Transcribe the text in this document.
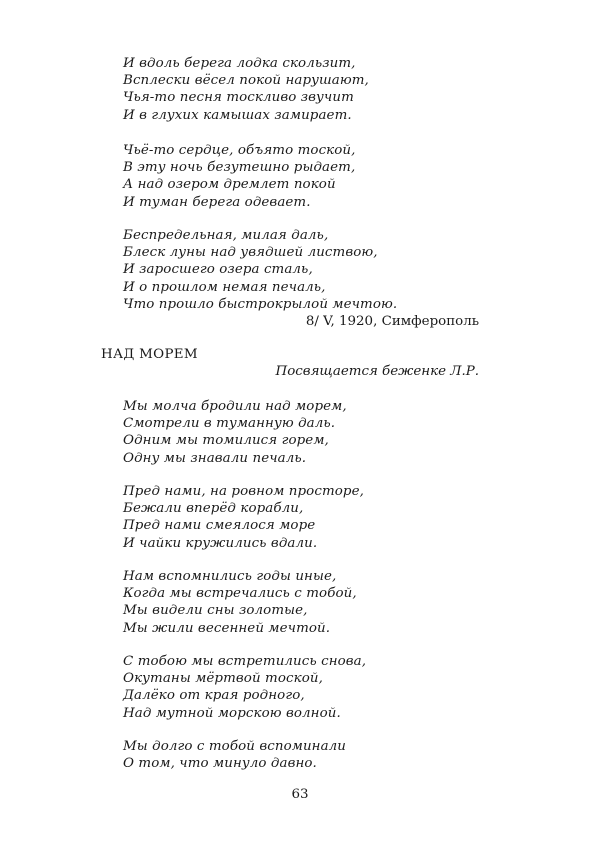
И вдоль берега лодка скользит,
Всплески вёсел покой нарушают,
Чья-то песня тоскливо звучит
И в глухих камышах замирает.
Чьё-то сердце, объято тоской,
В эту ночь безутешно рыдает,
А над озером дремлет покой
И туман берега одевает.
Беспредельная, милая даль,
Блеск луны над увядшей листвою,
И заросшего озера сталь,
И о прошлом немая печаль,
Что прошло быстрокрылой мечтою.
8/ V, 1920, Симферополь
НАД МОРЕМ
Посвящается беженке Л.Р.
Мы молча бродили над морем,
Смотрели в туманную даль.
Одним мы томилися горем,
Одну мы знавали печаль.
Пред нами, на ровном просторе,
Бежали вперёд корабли,
Пред нами смеялося море
И чайки кружились вдали.
Нам вспомнились годы иные,
Когда мы встречались с тобой,
Мы видели сны золотые,
Мы жили весенней мечтой.
С тобою мы встретились снова,
Окутаны мёртвой тоской,
Далёко от края родного,
Над мутной морскою волной.
Мы долго с тобой вспоминали
О том, что минуло давно.
63
